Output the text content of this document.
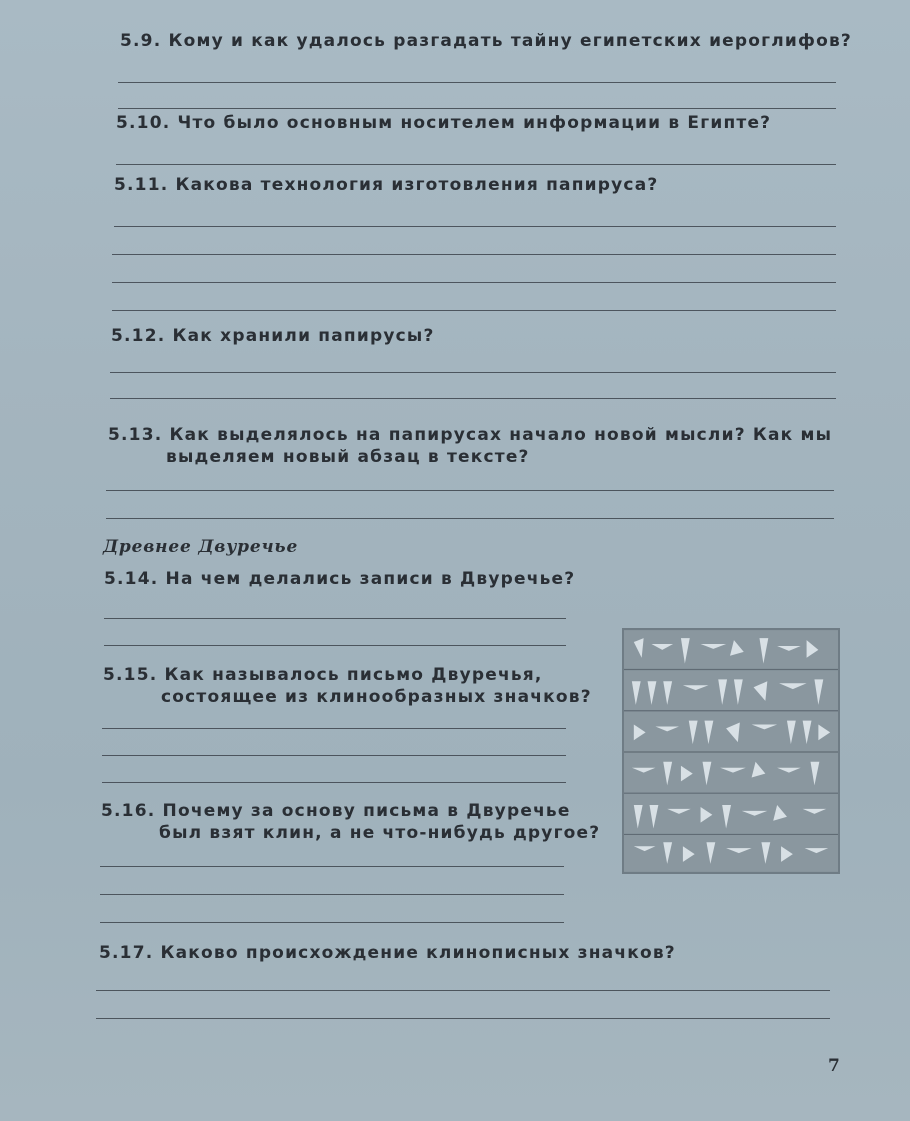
5.9. Кому и как удалось разгадать тайну египетских иероглифов?

5.10. Что было основным носителем информации в Египте?

5.11. Какова технология изготовления папируса?

5.12. Как хранили папирусы?

5.13. Как выделялось на папирусах начало новой мысли? Как мы
выделяем новый абзац в тексте?

Древнее Двуречье

5.14. На чем делались записи в Двуречье?

5.15. Как называлось письмо Двуречья,
состоящее из клинообразных значков?

5.16. Почему за основу письма в Двуречье
был взят клин, а не что-нибудь другое?

5.17. Каково происхождение клинописных значков?

7
